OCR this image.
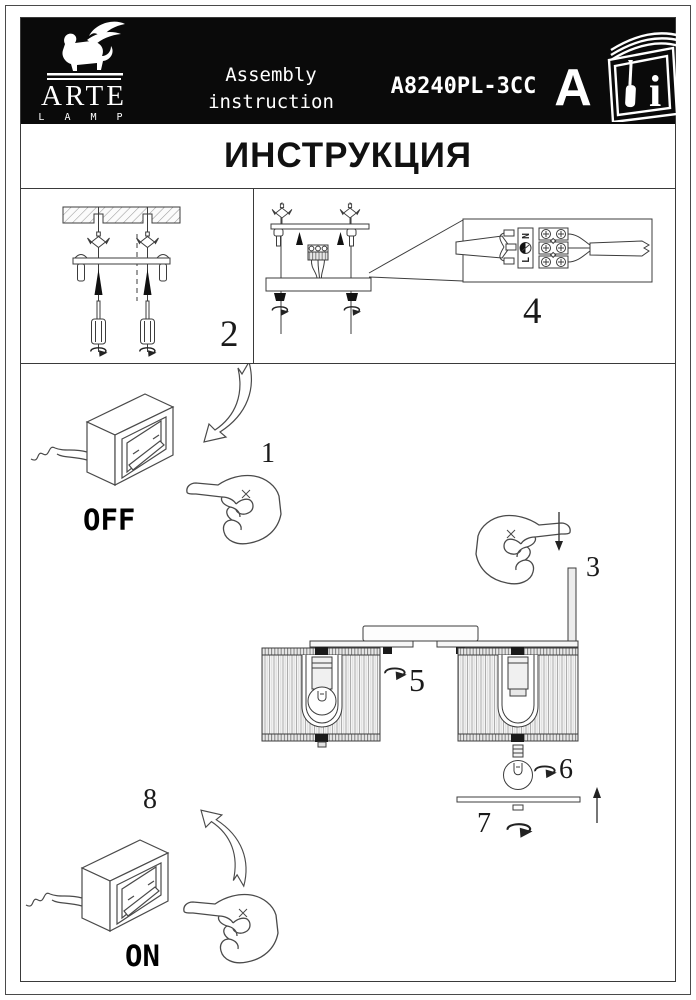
ARTE
L A M P
Assembly
instruction
A8240PL-3CC A i
ИНСТРУКЦИЯ
2
N
L
4
OFF
1
3
5
6
7
8
ON
